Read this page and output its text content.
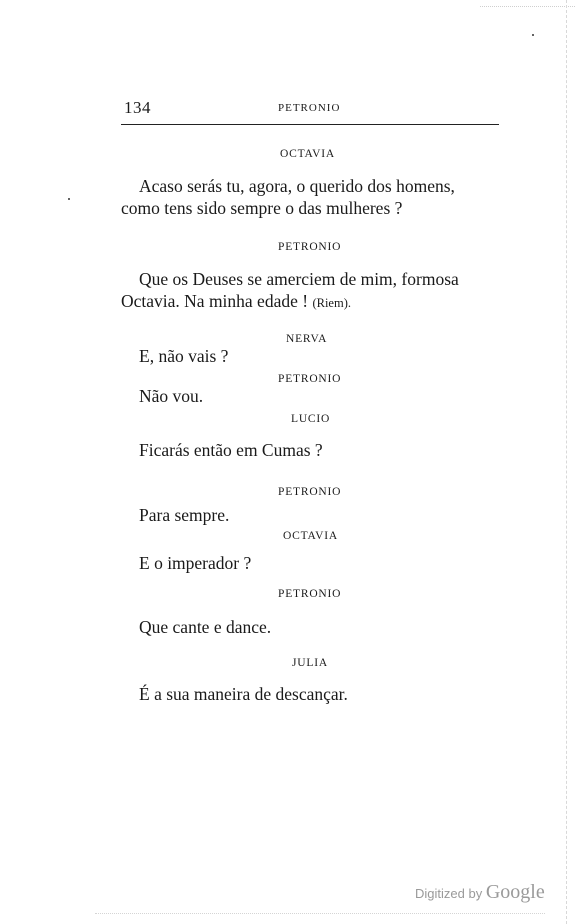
134	PETRONIO
OCTAVIA
Acaso serás tu, agora, o querido dos homens,
como tens sido sempre o das mulheres ?
PETRONIO
Que os Deuses se amerciem de mim, formosa
Octavia. Na minha edade ! (Riem).
NERVA
E, não vais ?
PETRONIO
Não vou.
LUCIO
Ficarás então em Cumas ?
PETRONIO
Para sempre.
OCTAVIA
E o imperador ?
PETRONIO
Que cante e dance.
JULIA
É a sua maneira de descançar.
Digitized by Google
